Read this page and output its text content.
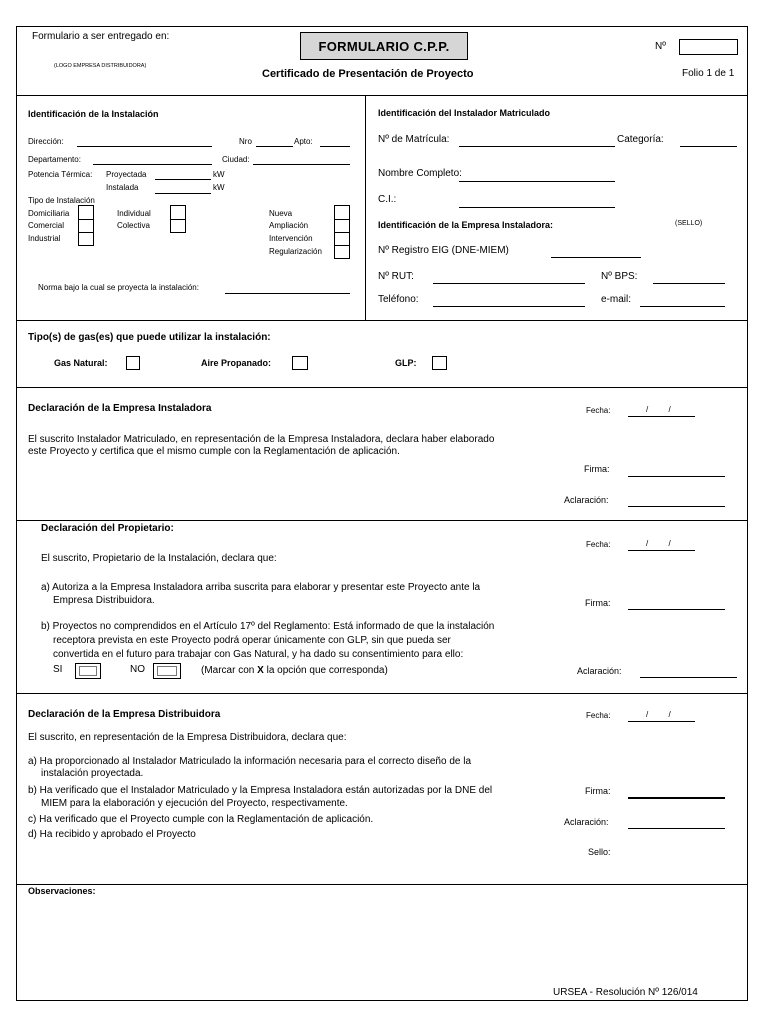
Formulario a ser entregado en:
(LOGO EMPRESA DISTRIBUIDORA)
FORMULARIO C.P.P.
Certificado de Presentación de Proyecto
Nº
Folio 1 de 1
Identificación de la Instalación
Dirección:	Nro	Apto:
Departamento:	Ciudad:
Potencia Térmica: Proyectada	kW
Instalada	kW
Tipo de Instalación
Domiciliaria
Comercial
Industrial
Individual
Colectiva
Nueva
Ampliación
Intervención
Regularización
Norma bajo la cual se proyecta la instalación:
Identificación del Instalador Matriculado
Nº de Matrícula:	Categoría:
Nombre Completo:
C.I.:
Identificación de la Empresa Instaladora:	(SELLO)
Nº Registro EIG (DNE-MIEM)
Nº RUT:	Nº BPS:
Teléfono:	e-mail:
Tipo(s) de gas(es) que puede utilizar la instalación:
Gas Natural:	Aire Propanado:	GLP:
Declaración de la Empresa Instaladora	Fecha:	/ /
El suscrito Instalador Matriculado, en representación de la Empresa Instaladora, declara haber elaborado
este Proyecto y certifica que el mismo cumple con la Reglamentación de aplicación.
Firma:
Aclaración:
Declaración del Propietario:
Fecha:	/ /
El suscrito, Propietario de la Instalación, declara que:
a) Autoriza a la Empresa Instaladora arriba suscrita para elaborar y presentar este Proyecto ante la
Empresa Distribuidora.	Firma:
b) Proyectos no comprendidos en el Artículo 17º del Reglamento: Está informado de que la instalación
receptora prevista en este Proyecto podrá operar únicamente con GLP, sin que pueda ser
convertida en el futuro para trabajar con Gas Natural, y ha dado su consentimiento para ello:
SI	NO	(Marcar con X la opción que corresponda)	Aclaración:
Declaración de la Empresa Distribuidora	Fecha:	/ /
El suscrito, en representación de la Empresa Distribuidora, declara que:
a) Ha proporcionado al Instalador Matriculado la información necesaria para el correcto diseño de la
instalación proyectada.
b) Ha verificado que el Instalador Matriculado y la Empresa Instaladora están autorizadas por la DNE del
MIEM para la elaboración y ejecución del Proyecto, respectivamente.
c) Ha verificado que el Proyecto cumple con la Reglamentación de aplicación.
d) Ha recibido y aprobado el Proyecto
Firma:
Aclaración:
Sello:
Observaciones:
URSEA - Resolución Nº 126/014
